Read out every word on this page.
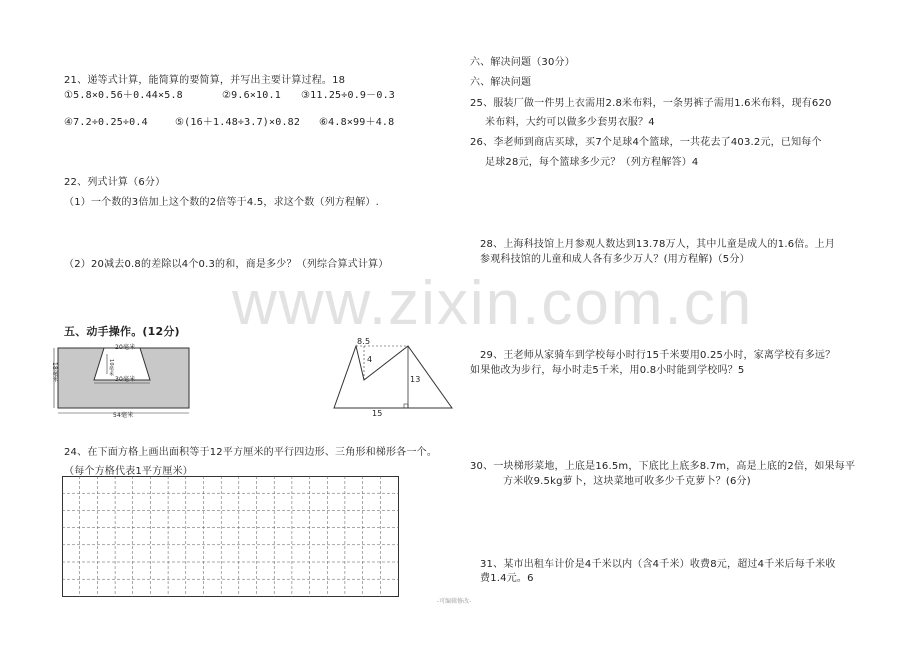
www.zixin.com.cn
21、递等式计算，能简算的要简算，并写出主要计算过程。18
①5.8×0.56＋0.44×5.8	②9.6×10.1 ③11.25÷0.9－0.3
④7.2÷0.25÷0.4	⑤(16＋1.48÷3.7)×0.82 ⑥4.8×99＋4.8
22、列式计算（6分）
（1）一个数的3倍加上这个数的2倍等于4.5，求这个数（列方程解）.
（2）20减去0.8的差除以4个0.3的和，商是多少？（列综合算式计算）
五、动手操作。(12分)
20毫米
10毫米
18毫米	30毫米
54毫米
8.5
4
13
15
24、在下面方格上画出面积等于12平方厘米的平行四边形、三角形和梯形各一个。
（每个方格代表1平方厘米）
六、解决问题（30分）
六、解决问题
25、服装厂做一件男上衣需用2.8米布料，一条男裤子需用1.6米布料，现有620
米布料，大约可以做多少套男衣服？4
26、李老师到商店买球，买7个足球4个篮球，一共花去了403.2元，已知每个
足球28元，每个篮球多少元？（列方程解答）4
28、上海科技馆上月参观人数达到13.78万人，其中儿童是成人的1.6倍。上月
参观科技馆的儿童和成人各有多少万人？(用方程解)（5分）
29、王老师从家骑车到学校每小时行15千米要用0.25小时，家离学校有多远？
如果他改为步行，每小时走5千米，用0.8小时能到学校吗？5
30、一块梯形菜地，上底是16.5m，下底比上底多8.7m，高是上底的2倍，如果每平
方米收9.5kg萝卜，这块菜地可收多少千克萝卜？(6分)
31、某市出租车计价是4千米以内（含4千米）收费8元，超过4千米后每千米收
费1.4元。6
-可编辑修改-
